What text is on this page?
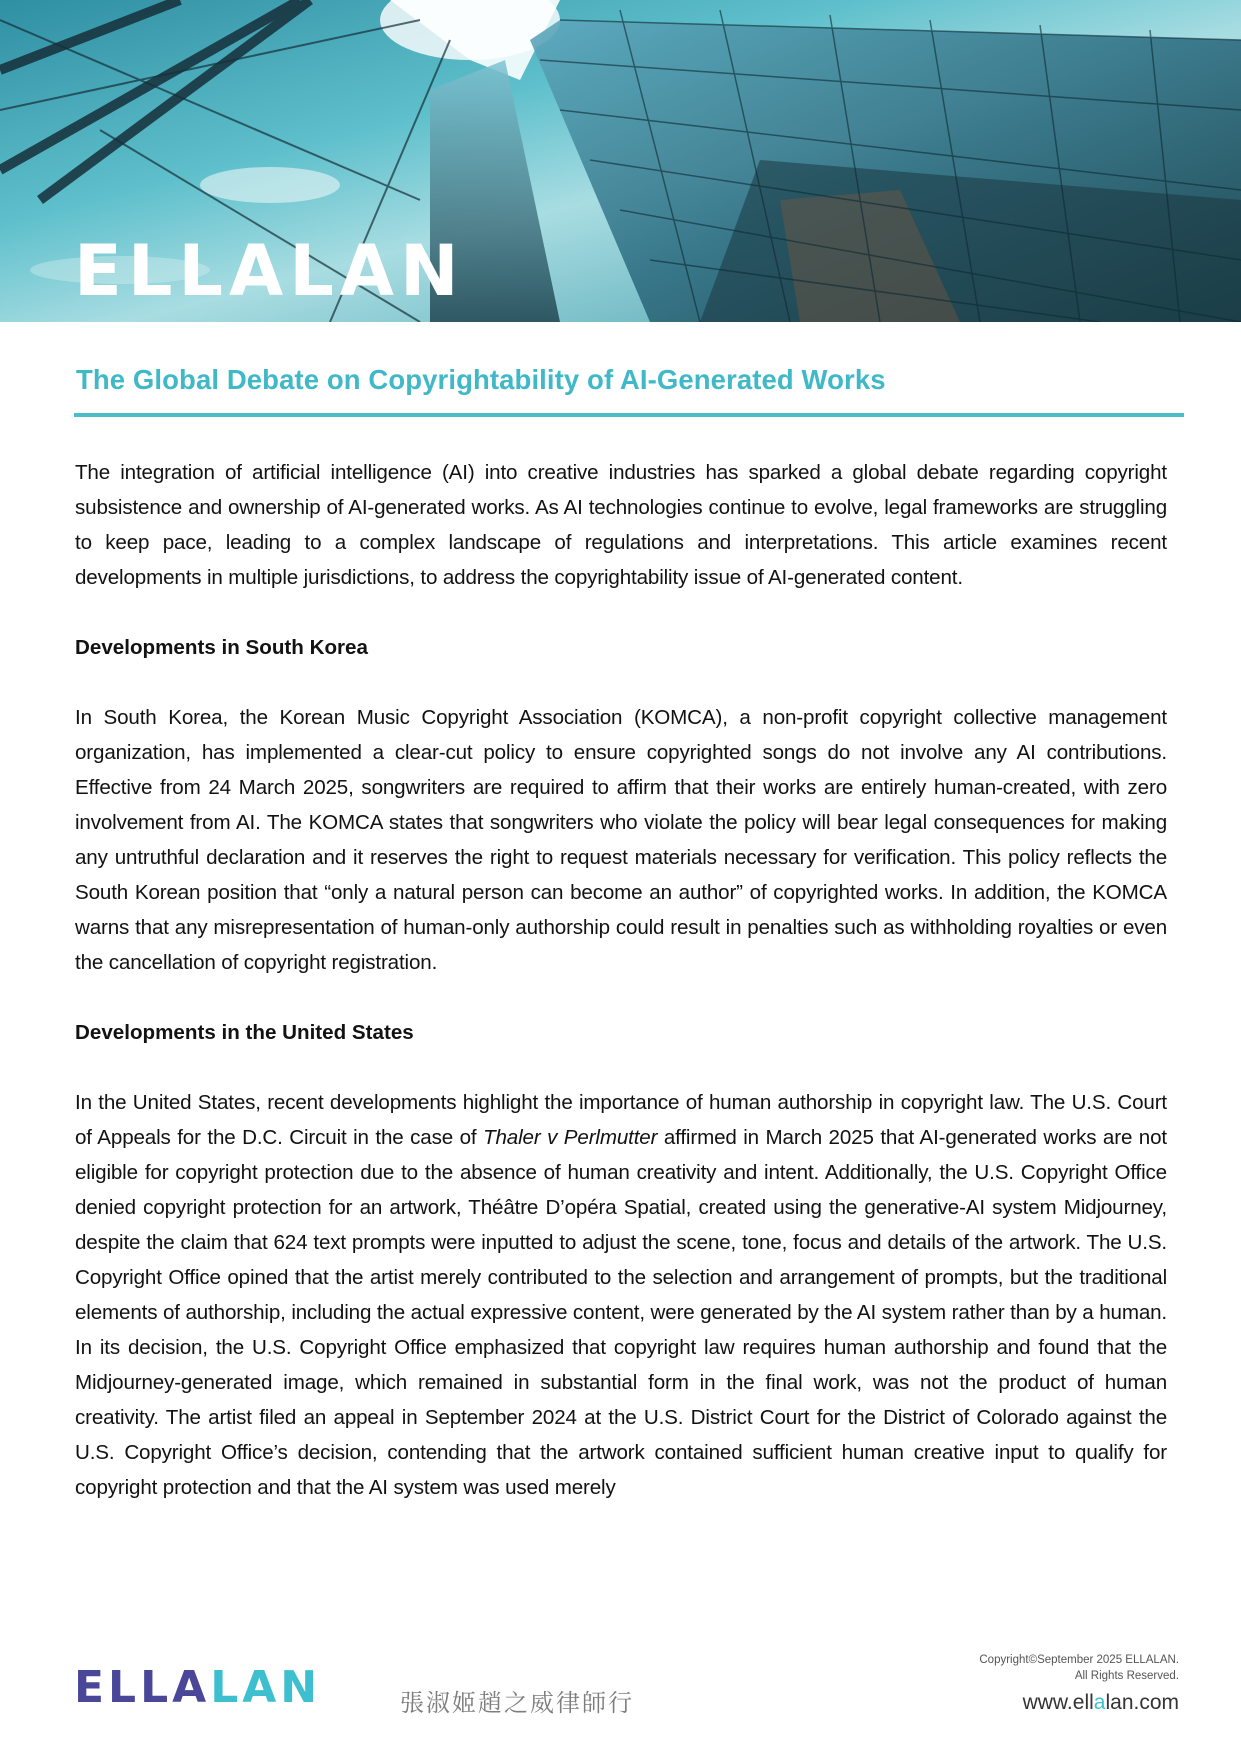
ELLALAN
The Global Debate on Copyrightability of AI-Generated Works

The integration of artificial intelligence (AI) into creative industries has sparked a global debate regarding copyright subsistence and ownership of AI-generated works. As AI technologies continue to evolve, legal frameworks are struggling to keep pace, leading to a complex landscape of regulations and interpretations. This article examines recent developments in multiple jurisdictions, to address the copyrightability issue of AI-generated content.

Developments in South Korea

In South Korea, the Korean Music Copyright Association (KOMCA), a non-profit copyright collective management organization, has implemented a clear-cut policy to ensure copyrighted songs do not involve any AI contributions. Effective from 24 March 2025, songwriters are required to affirm that their works are entirely human-created, with zero involvement from AI. The KOMCA states that songwriters who violate the policy will bear legal consequences for making any untruthful declaration and it reserves the right to request materials necessary for verification. This policy reflects the South Korean position that “only a natural person can become an author” of copyrighted works. In addition, the KOMCA warns that any misrepresentation of human-only authorship could result in penalties such as withholding royalties or even the cancellation of copyright registration.

Developments in the United States

In the United States, recent developments highlight the importance of human authorship in copyright law. The U.S. Court of Appeals for the D.C. Circuit in the case of Thaler v Perlmutter affirmed in March 2025 that AI-generated works are not eligible for copyright protection due to the absence of human creativity and intent. Additionally, the U.S. Copyright Office denied copyright protection for an artwork, Théâtre D’opéra Spatial, created using the generative-AI system Midjourney, despite the claim that 624 text prompts were inputted to adjust the scene, tone, focus and details of the artwork. The U.S. Copyright Office opined that the artist merely contributed to the selection and arrangement of prompts, but the traditional elements of authorship, including the actual expressive content, were generated by the AI system rather than by a human. In its decision, the U.S. Copyright Office emphasized that copyright law requires human authorship and found that the Midjourney-generated image, which remained in substantial form in the final work, was not the product of human creativity. The artist filed an appeal in September 2024 at the U.S. District Court for the District of Colorado against the U.S. Copyright Office’s decision, contending that the artwork contained sufficient human creative input to qualify for copyright protection and that the AI system was used merely

ELLALAN	張淑姬趙之威律師行
Copyright©September 2025 ELLALAN.
All Rights Reserved.
www.ellalan.com
